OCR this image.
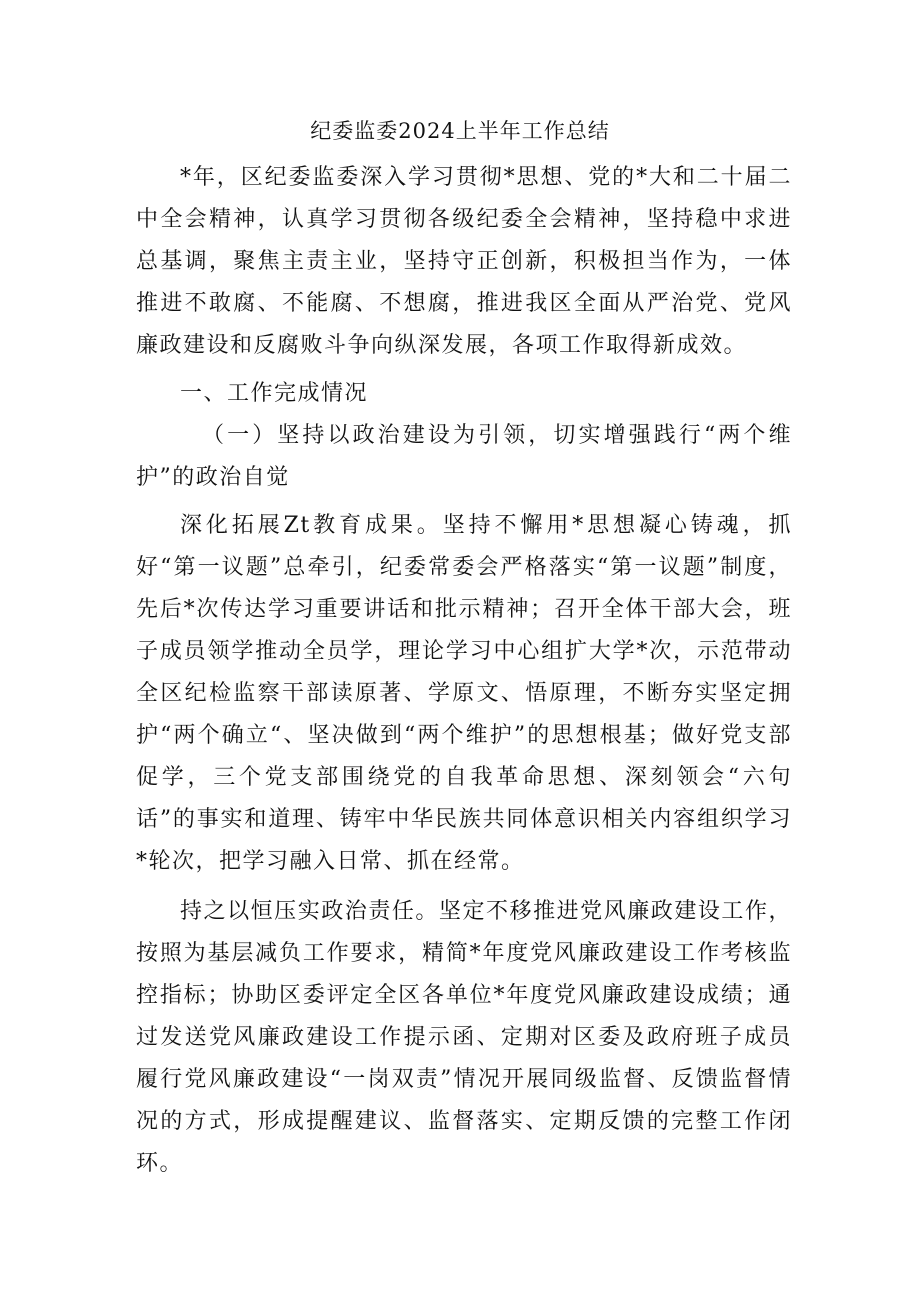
纪委监委2024上半年工作总结

*年，区纪委监委深入学习贯彻*思想、党的*大和二十届二中全会精神，认真学习贯彻各级纪委全会精神，坚持稳中求进总基调，聚焦主责主业，坚持守正创新，积极担当作为，一体推进不敢腐、不能腐、不想腐，推进我区全面从严治党、党风廉政建设和反腐败斗争向纵深发展，各项工作取得新成效。

一、工作完成情况

（一）坚持以政治建设为引领，切实增强践行“两个维护”的政治自觉

深化拓展Zt教育成果。坚持不懈用*思想凝心铸魂，抓好“第一议题”总牵引，纪委常委会严格落实“第一议题”制度，先后*次传达学习重要讲话和批示精神；召开全体干部大会，班子成员领学推动全员学，理论学习中心组扩大学*次，示范带动全区纪检监察干部读原著、学原文、悟原理，不断夯实坚定拥护“两个确立“、坚决做到“两个维护”的思想根基；做好党支部促学，三个党支部围绕党的自我革命思想、深刻领会“六句话”的事实和道理、铸牢中华民族共同体意识相关内容组织学习*轮次，把学习融入日常、抓在经常。

持之以恒压实政治责任。坚定不移推进党风廉政建设工作，按照为基层减负工作要求，精简*年度党风廉政建设工作考核监控指标；协助区委评定全区各单位*年度党风廉政建设成绩；通过发送党风廉政建设工作提示函、定期对区委及政府班子成员履行党风廉政建设“一岗双责”情况开展同级监督、反馈监督情况的方式，形成提醒建议、监督落实、定期反馈的完整工作闭环。
